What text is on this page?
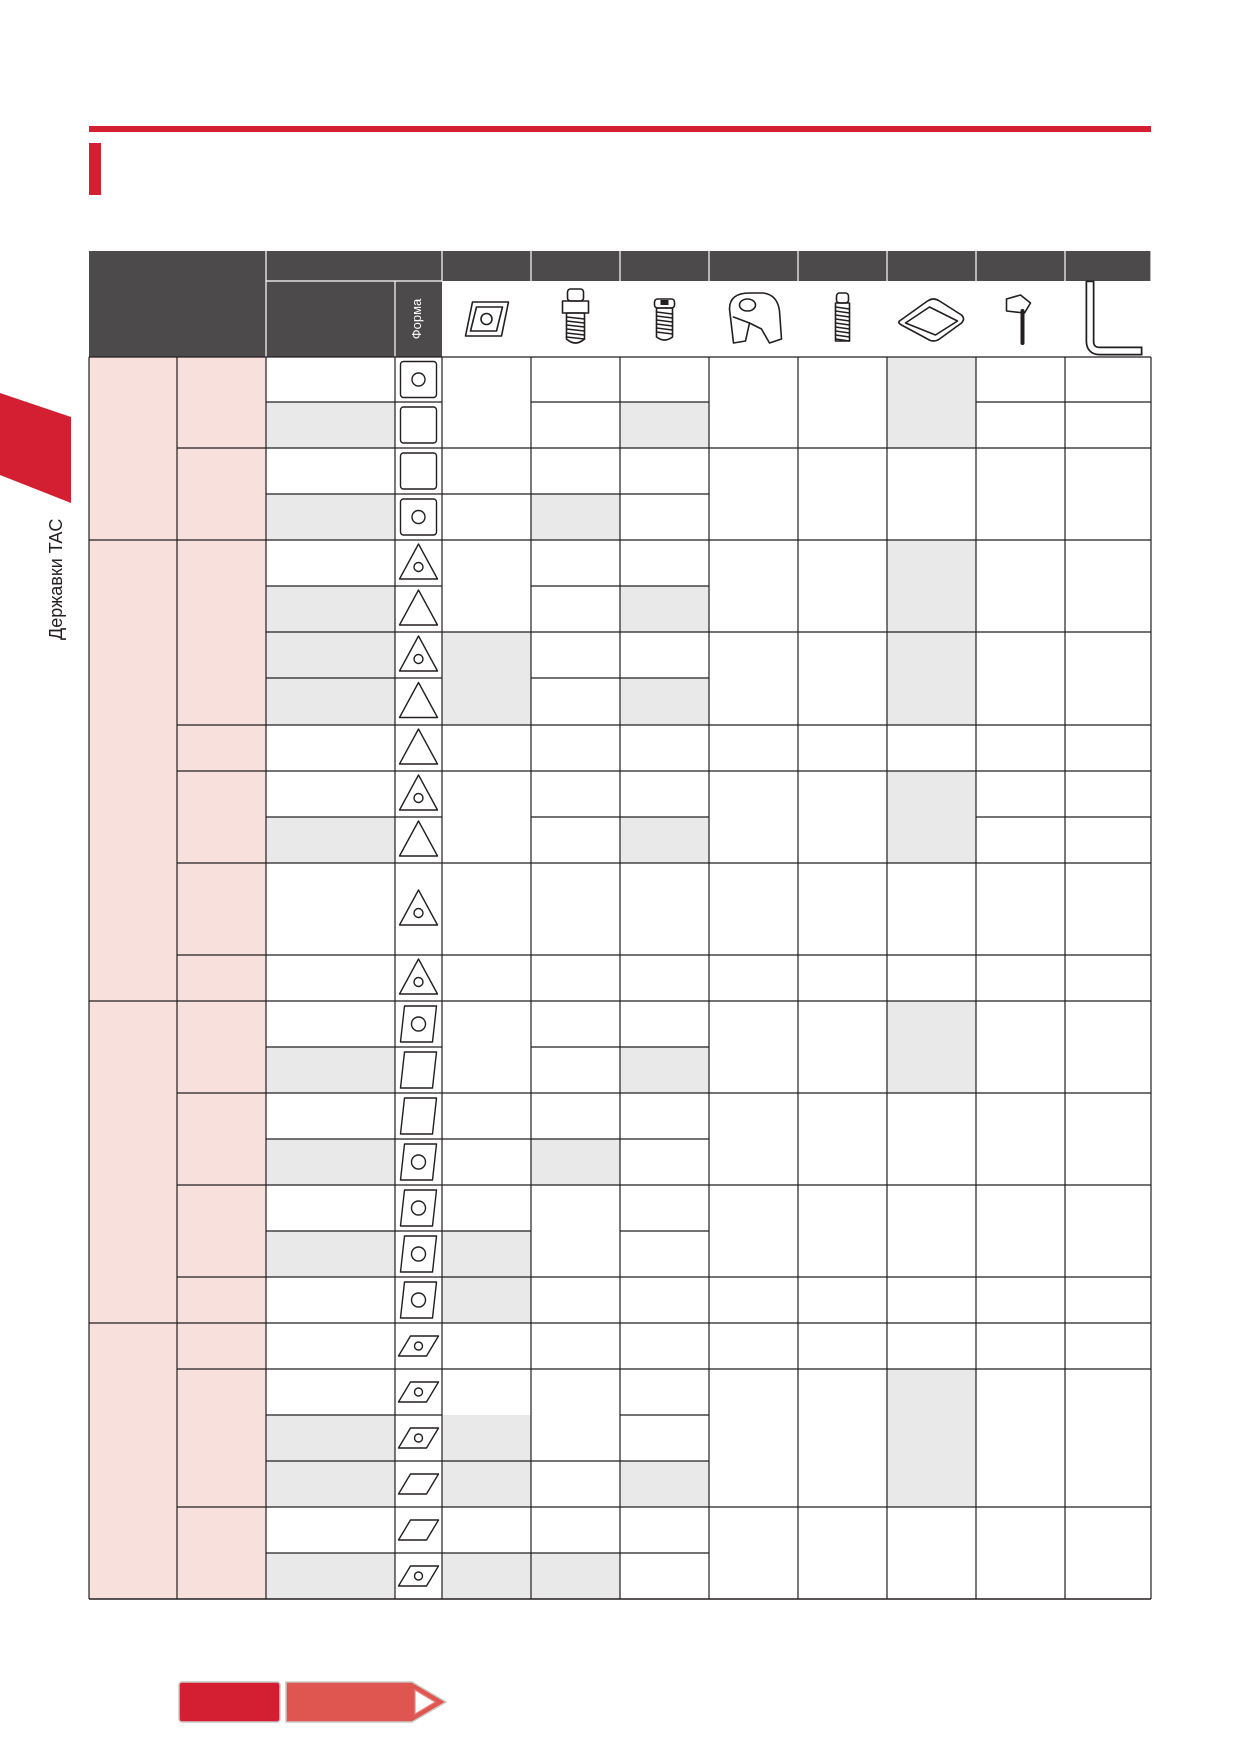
Державки TAC
Форма
